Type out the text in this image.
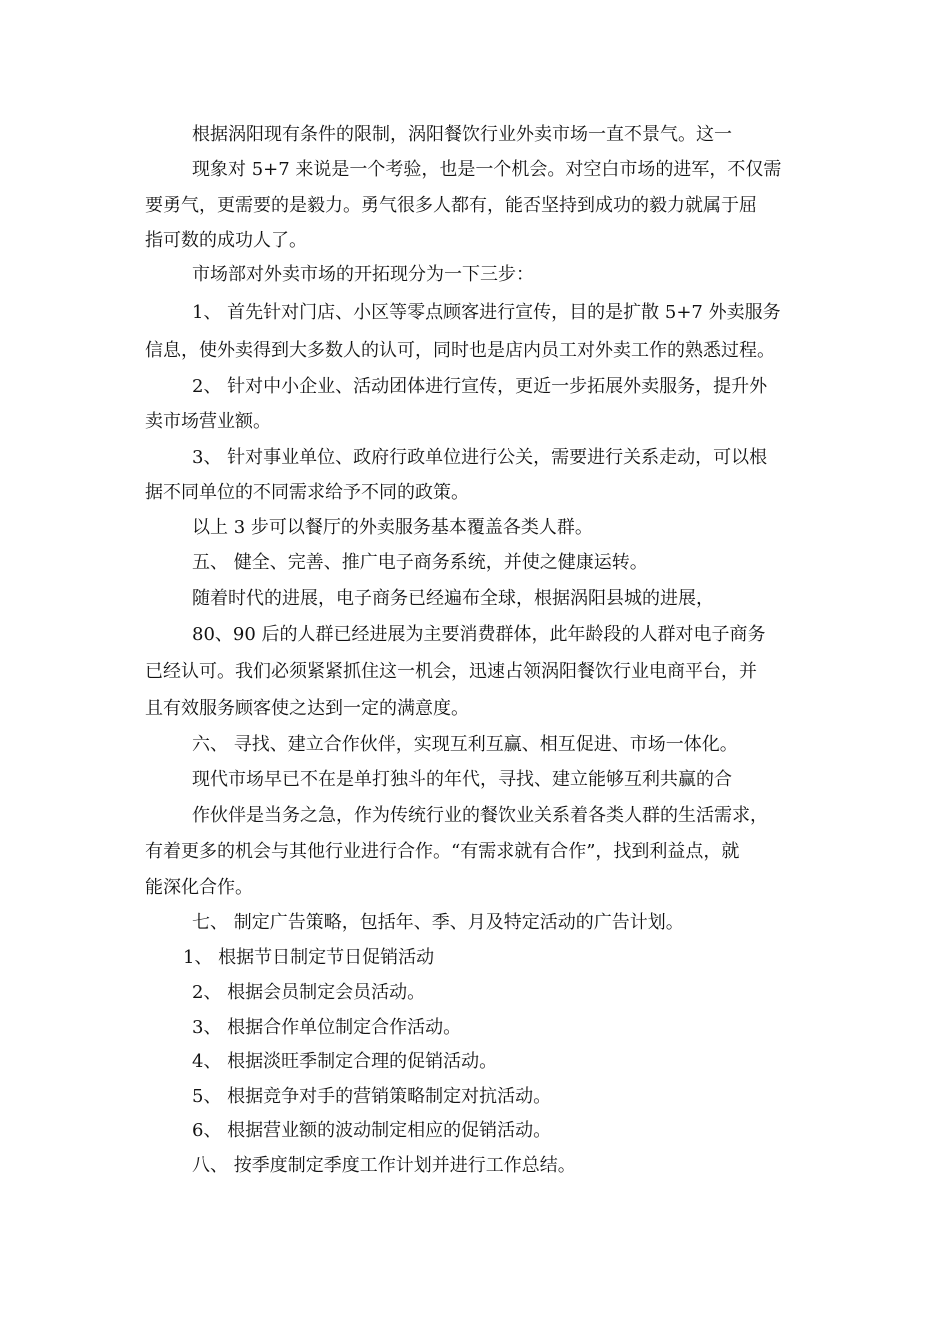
根据涡阳现有条件的限制，涡阳餐饮行业外卖市场一直不景气。这一
现象对 5+7 来说是一个考验，也是一个机会。对空白市场的进军，不仅需
要勇气，更需要的是毅力。勇气很多人都有，能否坚持到成功的毅力就属于屈
指可数的成功人了。
市场部对外卖市场的开拓现分为一下三步：
1、 首先针对门店、小区等零点顾客进行宣传，目的是扩散 5+7 外卖服务
信息，使外卖得到大多数人的认可，同时也是店内员工对外卖工作的熟悉过程。
2、 针对中小企业、活动团体进行宣传，更近一步拓展外卖服务，提升外
卖市场营业额。
3、 针对事业单位、政府行政单位进行公关，需要进行关系走动，可以根
据不同单位的不同需求给予不同的政策。
以上 3 步可以餐厅的外卖服务基本覆盖各类人群。
五、 健全、完善、推广电子商务系统，并使之健康运转。
随着时代的进展，电子商务已经遍布全球，根据涡阳县城的进展，
80、90 后的人群已经进展为主要消费群体，此年龄段的人群对电子商务
已经认可。我们必须紧紧抓住这一机会，迅速占领涡阳餐饮行业电商平台，并
且有效服务顾客使之达到一定的满意度。
六、 寻找、建立合作伙伴，实现互利互赢、相互促进、市场一体化。
现代市场早已不在是单打独斗的年代，寻找、建立能够互利共赢的合
作伙伴是当务之急，作为传统行业的餐饮业关系着各类人群的生活需求，
有着更多的机会与其他行业进行合作。“有需求就有合作”，找到利益点，就
能深化合作。
七、 制定广告策略，包括年、季、月及特定活动的广告计划。
1、 根据节日制定节日促销活动
2、 根据会员制定会员活动。
3、 根据合作单位制定合作活动。
4、 根据淡旺季制定合理的促销活动。
5、 根据竞争对手的营销策略制定对抗活动。
6、 根据营业额的波动制定相应的促销活动。
八、 按季度制定季度工作计划并进行工作总结。
